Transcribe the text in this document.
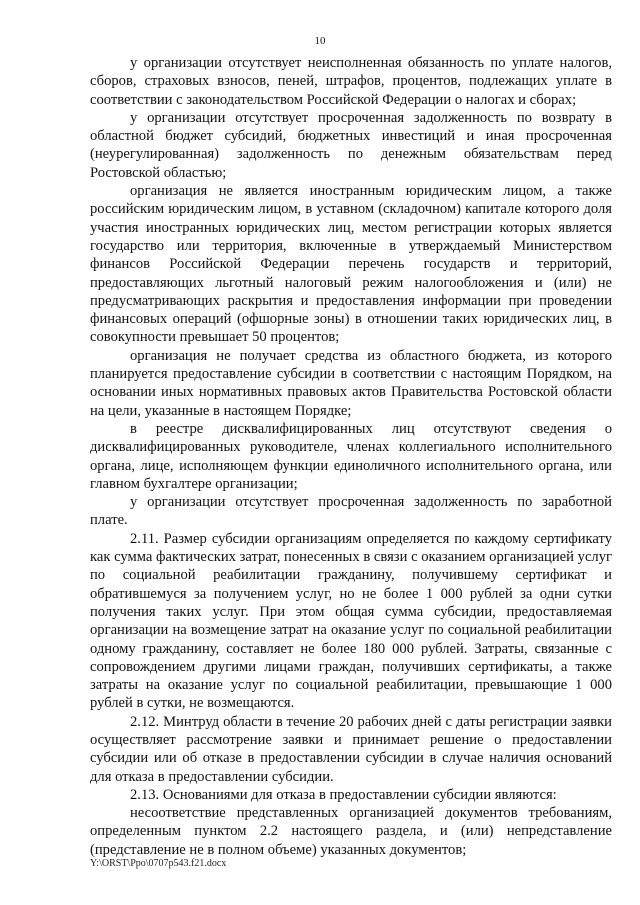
10

у организации отсутствует неисполненная обязанность по уплате налогов, сборов, страховых взносов, пеней, штрафов, процентов, подлежащих уплате в соответствии с законодательством Российской Федерации о налогах и сборах;

у организации отсутствует просроченная задолженность по возврату в областной бюджет субсидий, бюджетных инвестиций и иная просроченная (неурегулированная) задолженность по денежным обязательствам перед Ростовской областью;

организация не является иностранным юридическим лицом, а также российским юридическим лицом, в уставном (складочном) капитале которого доля участия иностранных юридических лиц, местом регистрации которых является государство или территория, включенные в утверждаемый Министерством финансов Российской Федерации перечень государств и территорий, предоставляющих льготный налоговый режим налогообложения и (или) не предусматривающих раскрытия и предоставления информации при проведении финансовых операций (офшорные зоны) в отношении таких юридических лиц, в совокупности превышает 50 процентов;

организация не получает средства из областного бюджета, из которого планируется предоставление субсидии в соответствии с настоящим Порядком, на основании иных нормативных правовых актов Правительства Ростовской области на цели, указанные в настоящем Порядке;

в реестре дисквалифицированных лиц отсутствуют сведения о дисквалифицированных руководителе, членах коллегиального исполнительного органа, лице, исполняющем функции единоличного исполнительного органа, или главном бухгалтере организации;

у организации отсутствует просроченная задолженность по заработной плате.

2.11. Размер субсидии организациям определяется по каждому сертификату как сумма фактических затрат, понесенных в связи с оказанием организацией услуг по социальной реабилитации гражданину, получившему сертификат и обратившемуся за получением услуг, но не более 1 000 рублей за одни сутки получения таких услуг. При этом общая сумма субсидии, предоставляемая организации на возмещение затрат на оказание услуг по социальной реабилитации одному гражданину, составляет не более 180 000 рублей. Затраты, связанные с сопровождением другими лицами граждан, получивших сертификаты, а также затраты на оказание услуг по социальной реабилитации, превышающие 1 000 рублей в сутки, не возмещаются.

2.12. Минтруд области в течение 20 рабочих дней с даты регистрации заявки осуществляет рассмотрение заявки и принимает решение о предоставлении субсидии или об отказе в предоставлении субсидии в случае наличия оснований для отказа в предоставлении субсидии.

2.13. Основаниями для отказа в предоставлении субсидии являются:

несоответствие представленных организацией документов требованиям, определенным пунктом 2.2 настоящего раздела, и (или) непредставление (представление не в полном объеме) указанных документов;

Y:\ORST\Ppo\0707p543.f21.docx
